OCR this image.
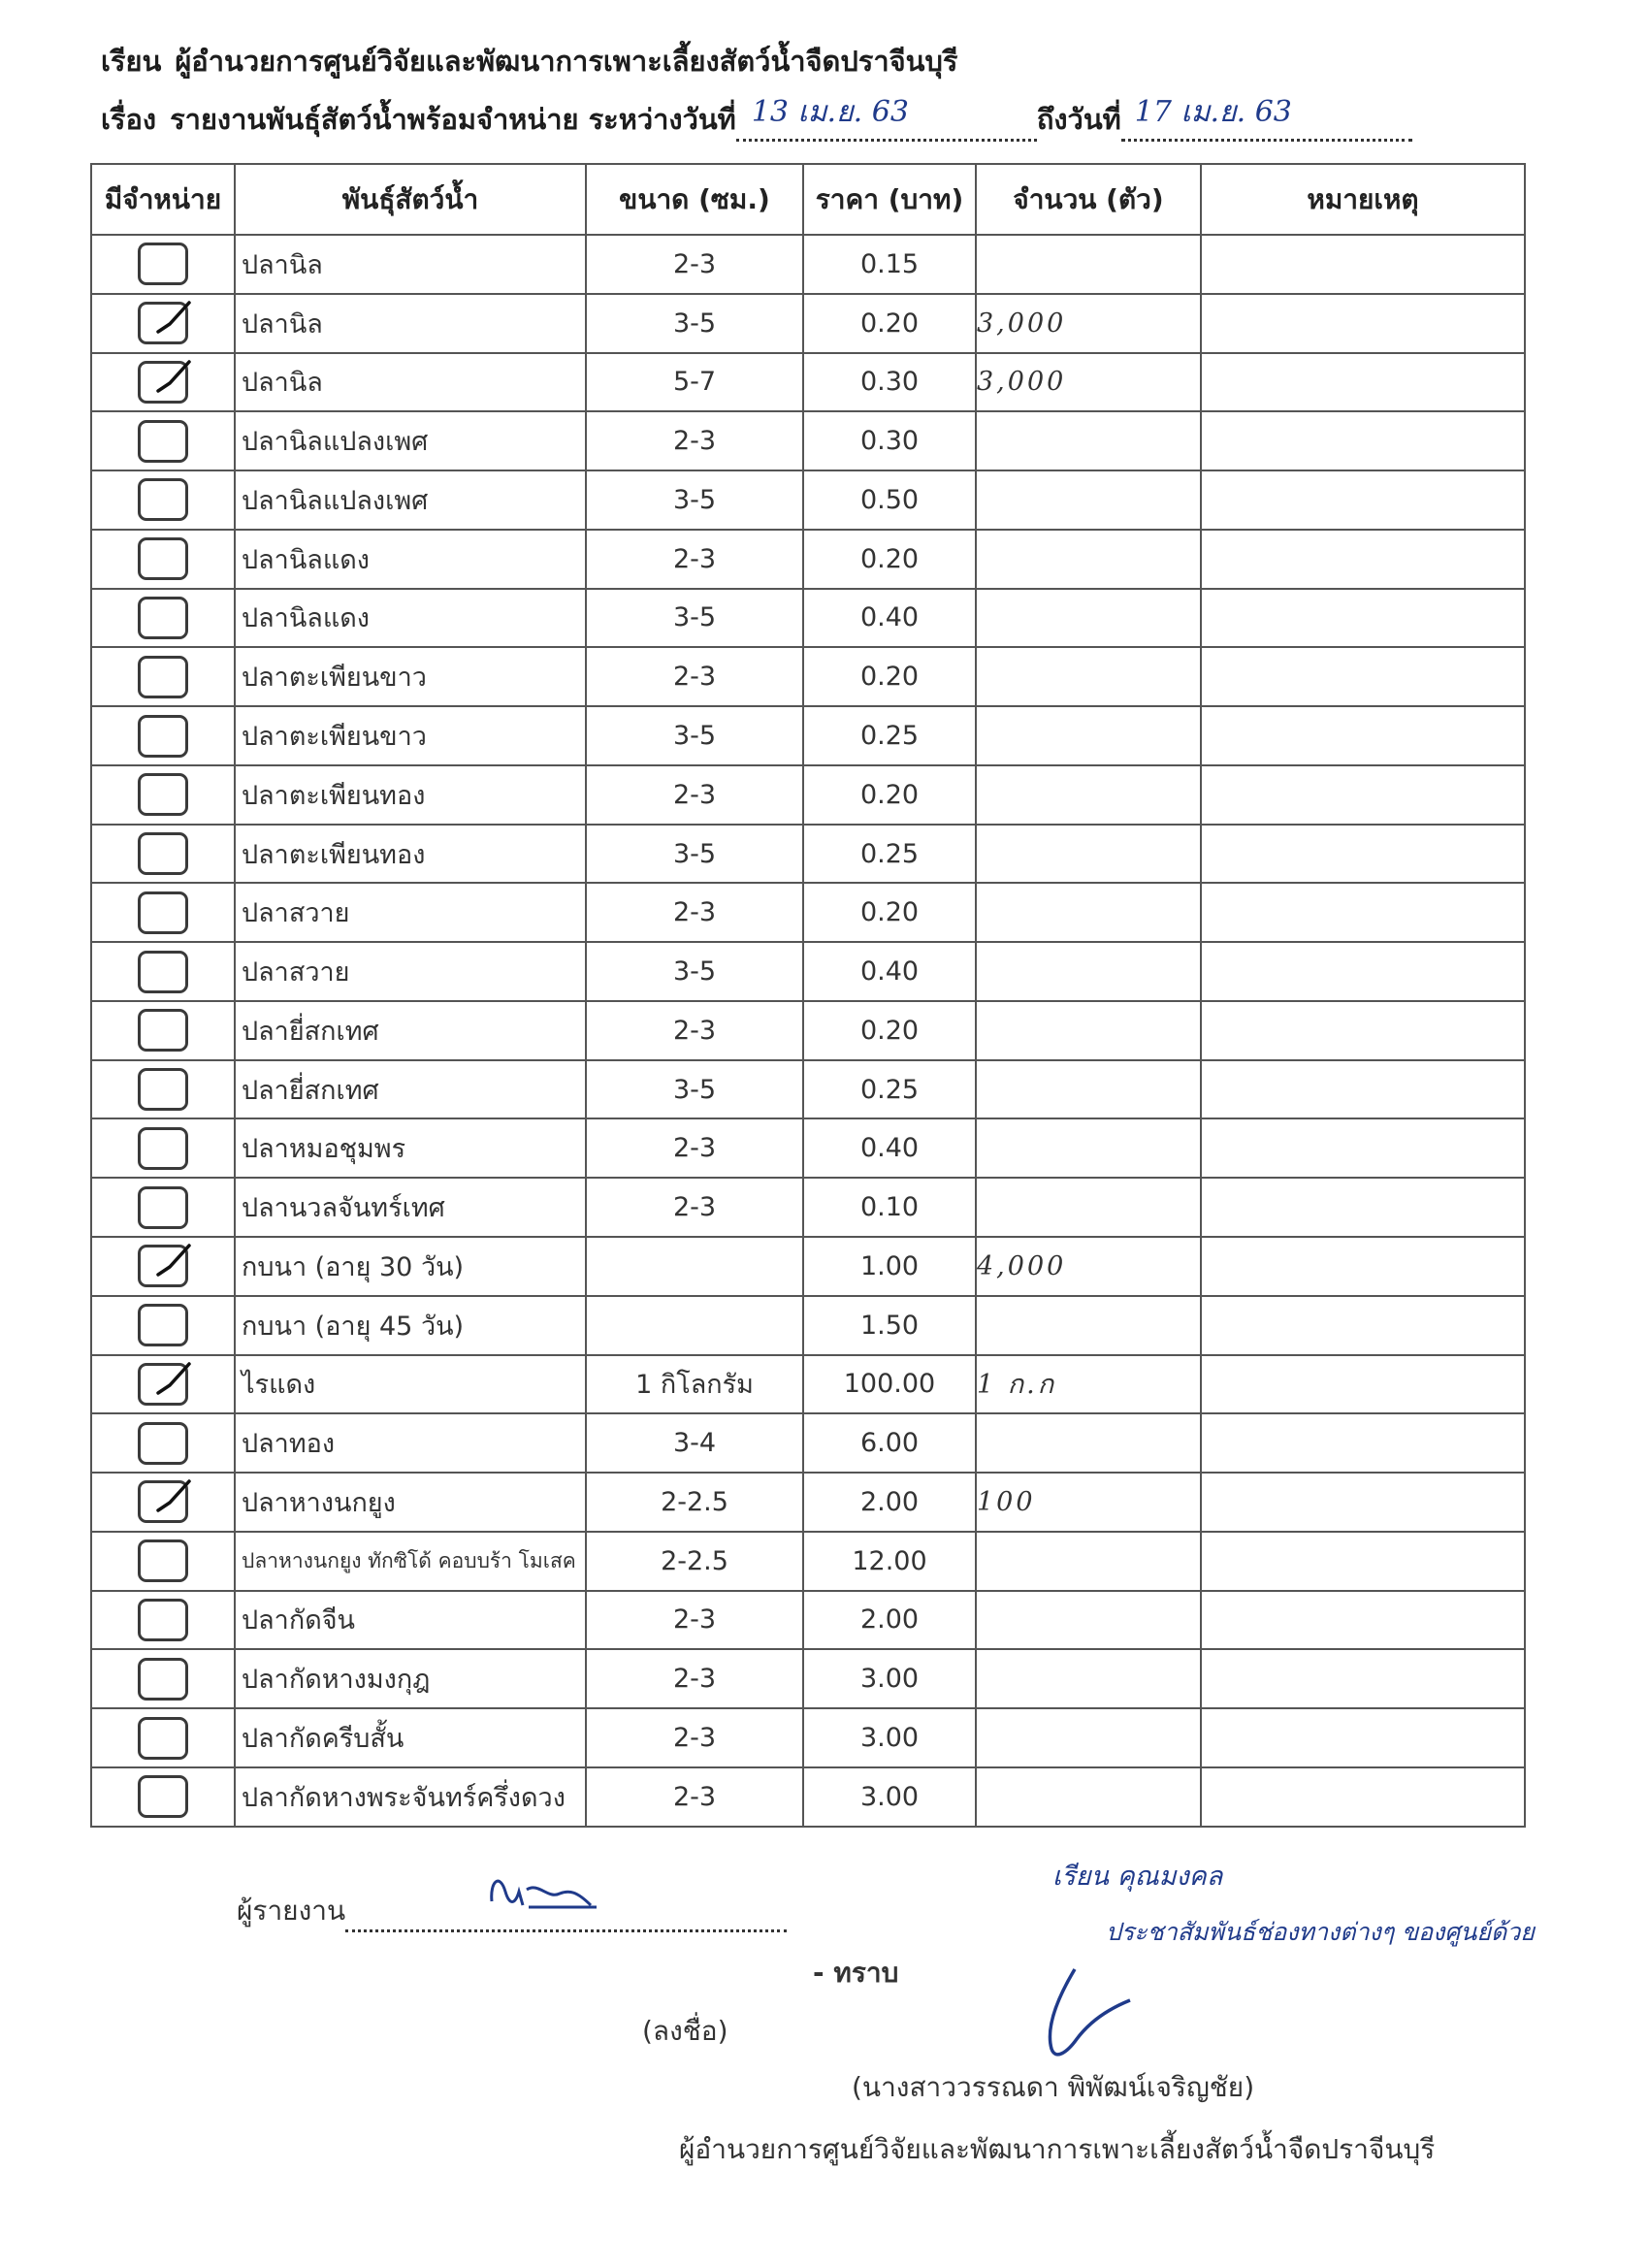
เรียน ผู้อำนวยการศูนย์วิจัยและพัฒนาการเพาะเลี้ยงสัตว์น้ำจืดปราจีนบุรี
เรื่อง รายงานพันธุ์สัตว์น้ำพร้อมจำหน่าย ระหว่างวันที่ 13 เม.ย. 63	ถึงวันที่ 17 เม.ย. 63
มีจำหน่าย	พันธุ์สัตว์น้ำ	ขนาด (ซม.)	ราคา (บาท)	จำนวน (ตัว)	หมายเหตุ
	ปลานิล	2-3	0.15		

	ปลานิล	3-5	0.20	3,000	

	ปลานิล	5-7	0.30	3,000	
	ปลานิลแปลงเพศ	2-3	0.30		
	ปลานิลแปลงเพศ	3-5	0.50		
	ปลานิลแดง	2-3	0.20		
	ปลานิลแดง	3-5	0.40		
	ปลาตะเพียนขาว	2-3	0.20		
	ปลาตะเพียนขาว	3-5	0.25		
	ปลาตะเพียนทอง	2-3	0.20		
	ปลาตะเพียนทอง	3-5	0.25		
	ปลาสวาย	2-3	0.20		
	ปลาสวาย	3-5	0.40		
	ปลายี่สกเทศ	2-3	0.20		
	ปลายี่สกเทศ	3-5	0.25		
	ปลาหมอชุมพร	2-3	0.40		
	ปลานวลจันทร์เทศ	2-3	0.10		

	กบนา (อายุ 30 วัน)		1.00	4,000	
	กบนา (อายุ 45 วัน)		1.50		

	ไรแดง	1 กิโลกรัม	100.00	1 ก.ก	
	ปลาทอง	3-4	6.00		

	ปลาหางนกยูง	2-2.5	2.00	100	
	ปลาหางนกยูง ทักซิโด้ คอบบร้า โมเสค	2-2.5	12.00		
	ปลากัดจีน	2-3	2.00		
	ปลากัดหางมงกุฎ	2-3	3.00		
	ปลากัดครีบสั้น	2-3	3.00		
	ปลากัดหางพระจันทร์ครึ่งดวง	2-3	3.00		
ผู้รายงาน
- ทราบ
(ลงชื่อ)
(นางสาววรรณดา พิพัฒน์เจริญชัย)
ผู้อำนวยการศูนย์วิจัยและพัฒนาการเพาะเลี้ยงสัตว์น้ำจืดปราจีนบุรี
เรียน คุณมงคล
ประชาสัมพันธ์ช่องทางต่างๆ ของศูนย์ด้วย
